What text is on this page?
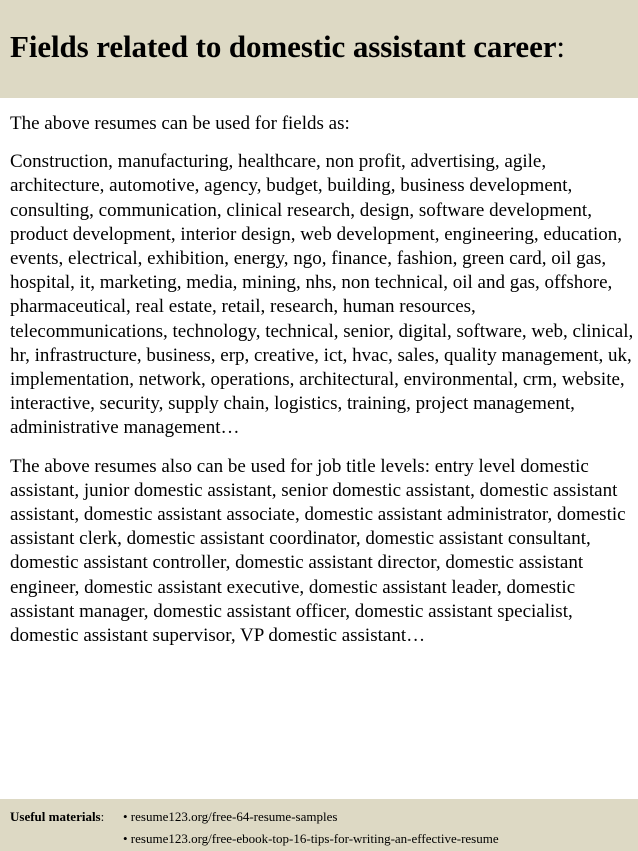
Fields related to domestic assistant career:

The above resumes can be used for fields as:

Construction, manufacturing, healthcare, non profit, advertising, agile, architecture, automotive, agency, budget, building, business development, consulting, communication, clinical research, design, software development, product development, interior design, web development, engineering, education, events, electrical, exhibition, energy, ngo, finance, fashion, green card, oil gas, hospital, it, marketing, media, mining, nhs, non technical, oil and gas, offshore, pharmaceutical, real estate, retail, research, human resources, telecommunications, technology, technical, senior, digital, software, web, clinical, hr, infrastructure, business, erp, creative, ict, hvac, sales, quality management, uk, implementation, network, operations, architectural, environmental, crm, website, interactive, security, supply chain, logistics, training, project management, administrative management…

The above resumes also can be used for job title levels: entry level domestic assistant, junior domestic assistant, senior domestic assistant, domestic assistant assistant, domestic assistant associate, domestic assistant administrator, domestic assistant clerk, domestic assistant coordinator, domestic assistant consultant, domestic assistant controller, domestic assistant director, domestic assistant engineer, domestic assistant executive, domestic assistant leader, domestic assistant manager, domestic assistant officer, domestic assistant specialist, domestic assistant supervisor, VP domestic assistant…

Useful materials:	• resume123.org/free-64-resume-samples
• resume123.org/free-ebook-top-16-tips-for-writing-an-effective-resume
